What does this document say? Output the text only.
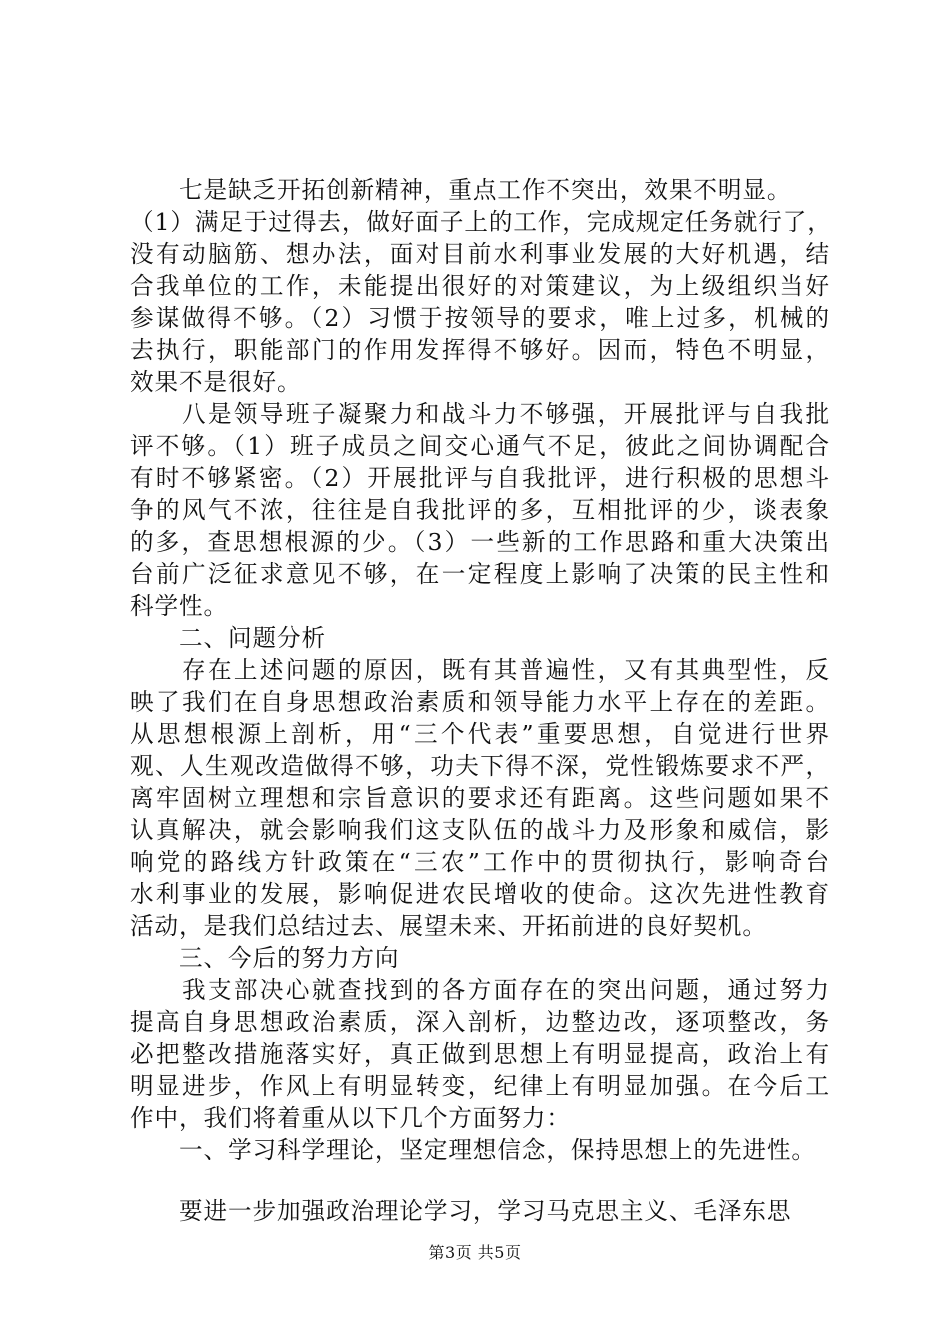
　　七是缺乏开拓创新精神，重点工作不突出，效果不明显。
（1）满足于过得去，做好面子上的工作，完成规定任务就行了，
没有动脑筋、想办法，面对目前水利事业发展的大好机遇，结
合我单位的工作，未能提出很好的对策建议，为上级组织当好
参谋做得不够。（2）习惯于按领导的要求，唯上过多，机械的
去执行，职能部门的作用发挥得不够好。因而，特色不明显，
效果不是很好。
　　八是领导班子凝聚力和战斗力不够强，开展批评与自我批
评不够。（1）班子成员之间交心通气不足，彼此之间协调配合
有时不够紧密。（2）开展批评与自我批评，进行积极的思想斗
争的风气不浓，往往是自我批评的多，互相批评的少，谈表象
的多，查思想根源的少。（3）一些新的工作思路和重大决策出
台前广泛征求意见不够，在一定程度上影响了决策的民主性和
科学性。
　　二、问题分析
　　存在上述问题的原因，既有其普遍性，又有其典型性，反
映了我们在自身思想政治素质和领导能力水平上存在的差距。
从思想根源上剖析，用“三个代表”重要思想，自觉进行世界
观、人生观改造做得不够，功夫下得不深，党性锻炼要求不严，
离牢固树立理想和宗旨意识的要求还有距离。这些问题如果不
认真解决，就会影响我们这支队伍的战斗力及形象和威信，影
响党的路线方针政策在“三农”工作中的贯彻执行，影响奇台
水利事业的发展，影响促进农民增收的使命。这次先进性教育
活动，是我们总结过去、展望未来、开拓前进的良好契机。
　　三、今后的努力方向
　　我支部决心就查找到的各方面存在的突出问题，通过努力
提高自身思想政治素质，深入剖析，边整边改，逐项整改，务
必把整改措施落实好，真正做到思想上有明显提高，政治上有
明显进步，作风上有明显转变，纪律上有明显加强。在今后工
作中，我们将着重从以下几个方面努力：
　　一、学习科学理论，坚定理想信念，保持思想上的先进性。
　　要进一步加强政治理论学习，学习马克思主义、毛泽东思
第3页 共5页
